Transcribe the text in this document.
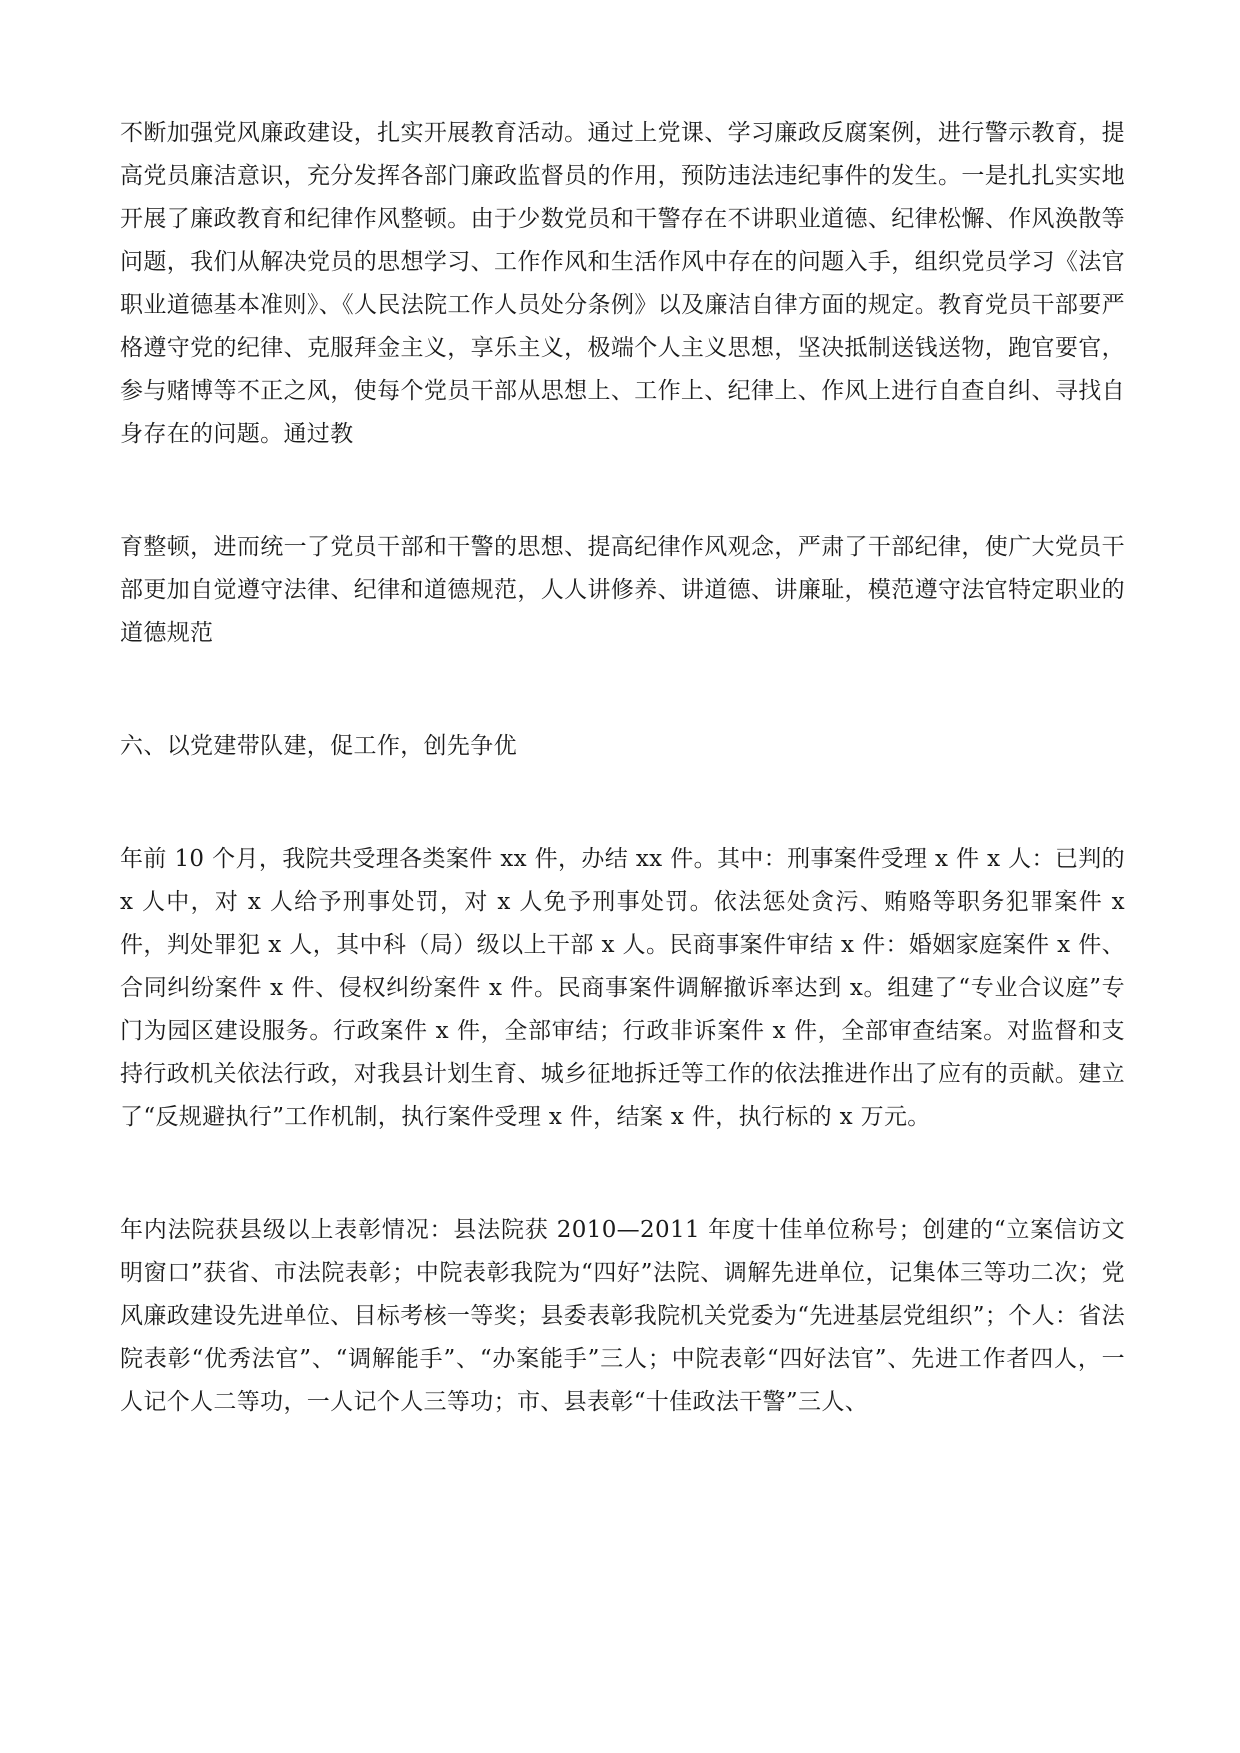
不断加强党风廉政建设，扎实开展教育活动。通过上党课、学习廉政反腐案例，进行警示教育，提高党员廉洁意识，充分发挥各部门廉政监督员的作用，预防违法违纪事件的发生。一是扎扎实实地开展了廉政教育和纪律作风整顿。由于少数党员和干警存在不讲职业道德、纪律松懈、作风涣散等问题，我们从解决党员的思想学习、工作作风和生活作风中存在的问题入手，组织党员学习《法官职业道德基本准则》、《人民法院工作人员处分条例》以及廉洁自律方面的规定。教育党员干部要严格遵守党的纪律、克服拜金主义，享乐主义，极端个人主义思想，坚决抵制送钱送物，跑官要官，参与赌博等不正之风，使每个党员干部从思想上、工作上、纪律上、作风上进行自查自纠、寻找自身存在的问题。通过教

育整顿，进而统一了党员干部和干警的思想、提高纪律作风观念，严肃了干部纪律，使广大党员干部更加自觉遵守法律、纪律和道德规范，人人讲修养、讲道德、讲廉耻，模范遵守法官特定职业的道德规范

六、以党建带队建，促工作，创先争优

年前 10 个月，我院共受理各类案件 xx 件，办结 xx 件。其中：刑事案件受理 x 件 x 人：已判的 x 人中，对 x 人给予刑事处罚，对 x 人免予刑事处罚。依法惩处贪污、贿赂等职务犯罪案件 x 件，判处罪犯 x 人，其中科（局）级以上干部 x 人。民商事案件审结 x 件：婚姻家庭案件 x 件、合同纠纷案件 x 件、侵权纠纷案件 x 件。民商事案件调解撤诉率达到 x。组建了“专业合议庭”专门为园区建设服务。行政案件 x 件，全部审结；行政非诉案件 x 件，全部审查结案。对监督和支持行政机关依法行政，对我县计划生育、城乡征地拆迁等工作的依法推进作出了应有的贡献。建立了“反规避执行”工作机制，执行案件受理 x 件，结案 x 件，执行标的 x 万元。

年内法院获县级以上表彰情况：县法院获 2010—2011 年度十佳单位称号；创建的“立案信访文明窗口”获省、市法院表彰；中院表彰我院为“四好”法院、调解先进单位，记集体三等功二次；党风廉政建设先进单位、目标考核一等奖；县委表彰我院机关党委为“先进基层党组织”；个人：省法院表彰“优秀法官”、“调解能手”、“办案能手”三人；中院表彰“四好法官”、先进工作者四人，一人记个人二等功，一人记个人三等功；市、县表彰“十佳政法干警”三人、
